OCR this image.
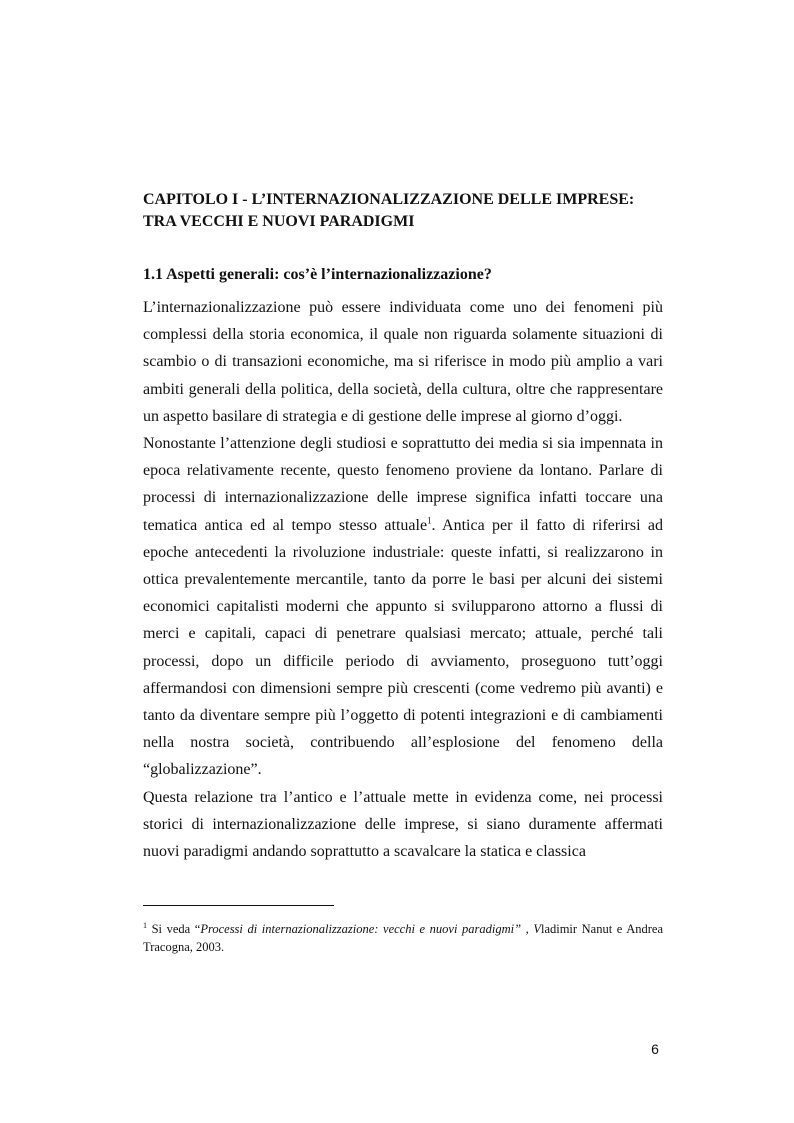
CAPITOLO I - L’INTERNAZIONALIZZAZIONE DELLE IMPRESE:
TRA VECCHI E NUOVI PARADIGMI
1.1 Aspetti generali: cos’è l’internazionalizzazione?

L’internazionalizzazione può essere individuata come uno dei fenomeni più complessi della storia economica, il quale non riguarda solamente situazioni di scambio o di transazioni economiche, ma si riferisce in modo più amplio a vari ambiti generali della politica, della società, della cultura, oltre che rappresentare un aspetto basilare di strategia e di gestione delle imprese al giorno d’oggi.

Nonostante l’attenzione degli studiosi e soprattutto dei media si sia impennata in epoca relativamente recente, questo fenomeno proviene da lontano. Parlare di processi di internazionalizzazione delle imprese significa infatti toccare una tematica antica ed al tempo stesso attuale$^1$. Antica per il fatto di riferirsi ad epoche antecedenti la rivoluzione industriale: queste infatti, si realizzarono in ottica prevalentemente mercantile, tanto da porre le basi per alcuni dei sistemi economici capitalisti moderni che appunto si svilupparono attorno a flussi di merci e capitali, capaci di penetrare qualsiasi mercato; attuale, perché tali processi, dopo un difficile periodo di avviamento, proseguono tutt’oggi affermandosi con dimensioni sempre più crescenti (come vedremo più avanti) e tanto da diventare sempre più l’oggetto di potenti integrazioni e di cambiamenti nella nostra società, contribuendo all’esplosione del fenomeno della “globalizzazione”.

Questa relazione tra l’antico e l’attuale mette in evidenza come, nei processi storici di internazionalizzazione delle imprese, si siano duramente affermati nuovi paradigmi andando soprattutto a scavalcare la statica e classica

$^1$ Si veda “Processi di internazionalizzazione: vecchi e nuovi paradigmi” , Vladimir Nanut e Andrea Tracogna, 2003.

6
